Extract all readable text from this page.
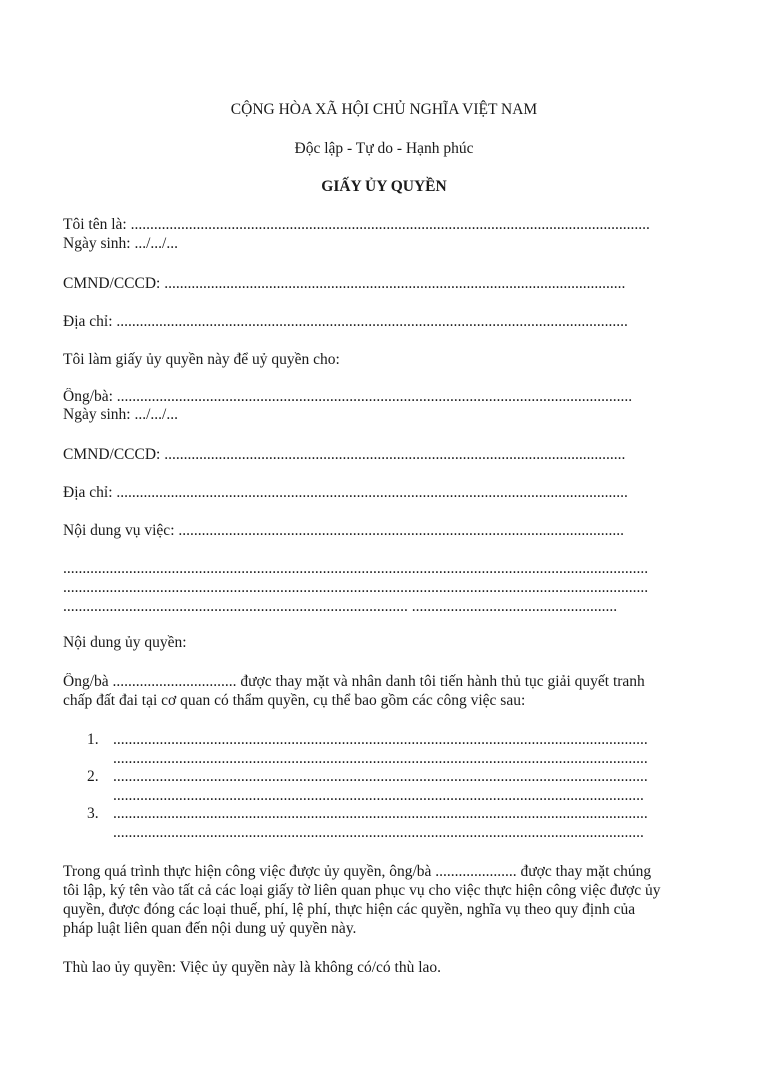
CỘNG HÒA XÃ HỘI CHỦ NGHĨA VIỆT NAM
Độc lập - Tự do - Hạnh phúc
GIẤY ỦY QUYỀN
Tôi tên là: ......................................................................................................................................
Ngày sinh: .../.../...
CMND/CCCD: .......................................................................................................................
Địa chỉ: ....................................................................................................................................
Tôi làm giấy ủy quyền này để uỷ quyền cho:
Ông/bà: .....................................................................................................................................
Ngày sinh: .../.../...
CMND/CCCD: .......................................................................................................................
Địa chỉ: ....................................................................................................................................
Nội dung vụ việc: ...................................................................................................................
.......................................................................................................................................................
.......................................................................................................................................................
......................................................................................... .....................................................
Nội dung ủy quyền:
Ông/bà ................................ được thay mặt và nhân danh tôi tiến hành thủ tục giải quyết tranh
chấp đất đai tại cơ quan có thẩm quyền, cụ thể bao gồm các công việc sau:
1. ..........................................................................................................................................
..........................................................................................................................................
2. ..........................................................................................................................................
.........................................................................................................................................
3. ..........................................................................................................................................
.........................................................................................................................................
Trong quá trình thực hiện công việc được ủy quyền, ông/bà ..................... được thay mặt chúng
tôi lập, ký tên vào tất cả các loại giấy tờ liên quan phục vụ cho việc thực hiện công việc được ủy
quyền, được đóng các loại thuế, phí, lệ phí, thực hiện các quyền, nghĩa vụ theo quy định của
pháp luật liên quan đến nội dung uỷ quyền này.
Thù lao ủy quyền: Việc ủy quyền này là không có/có thù lao.
